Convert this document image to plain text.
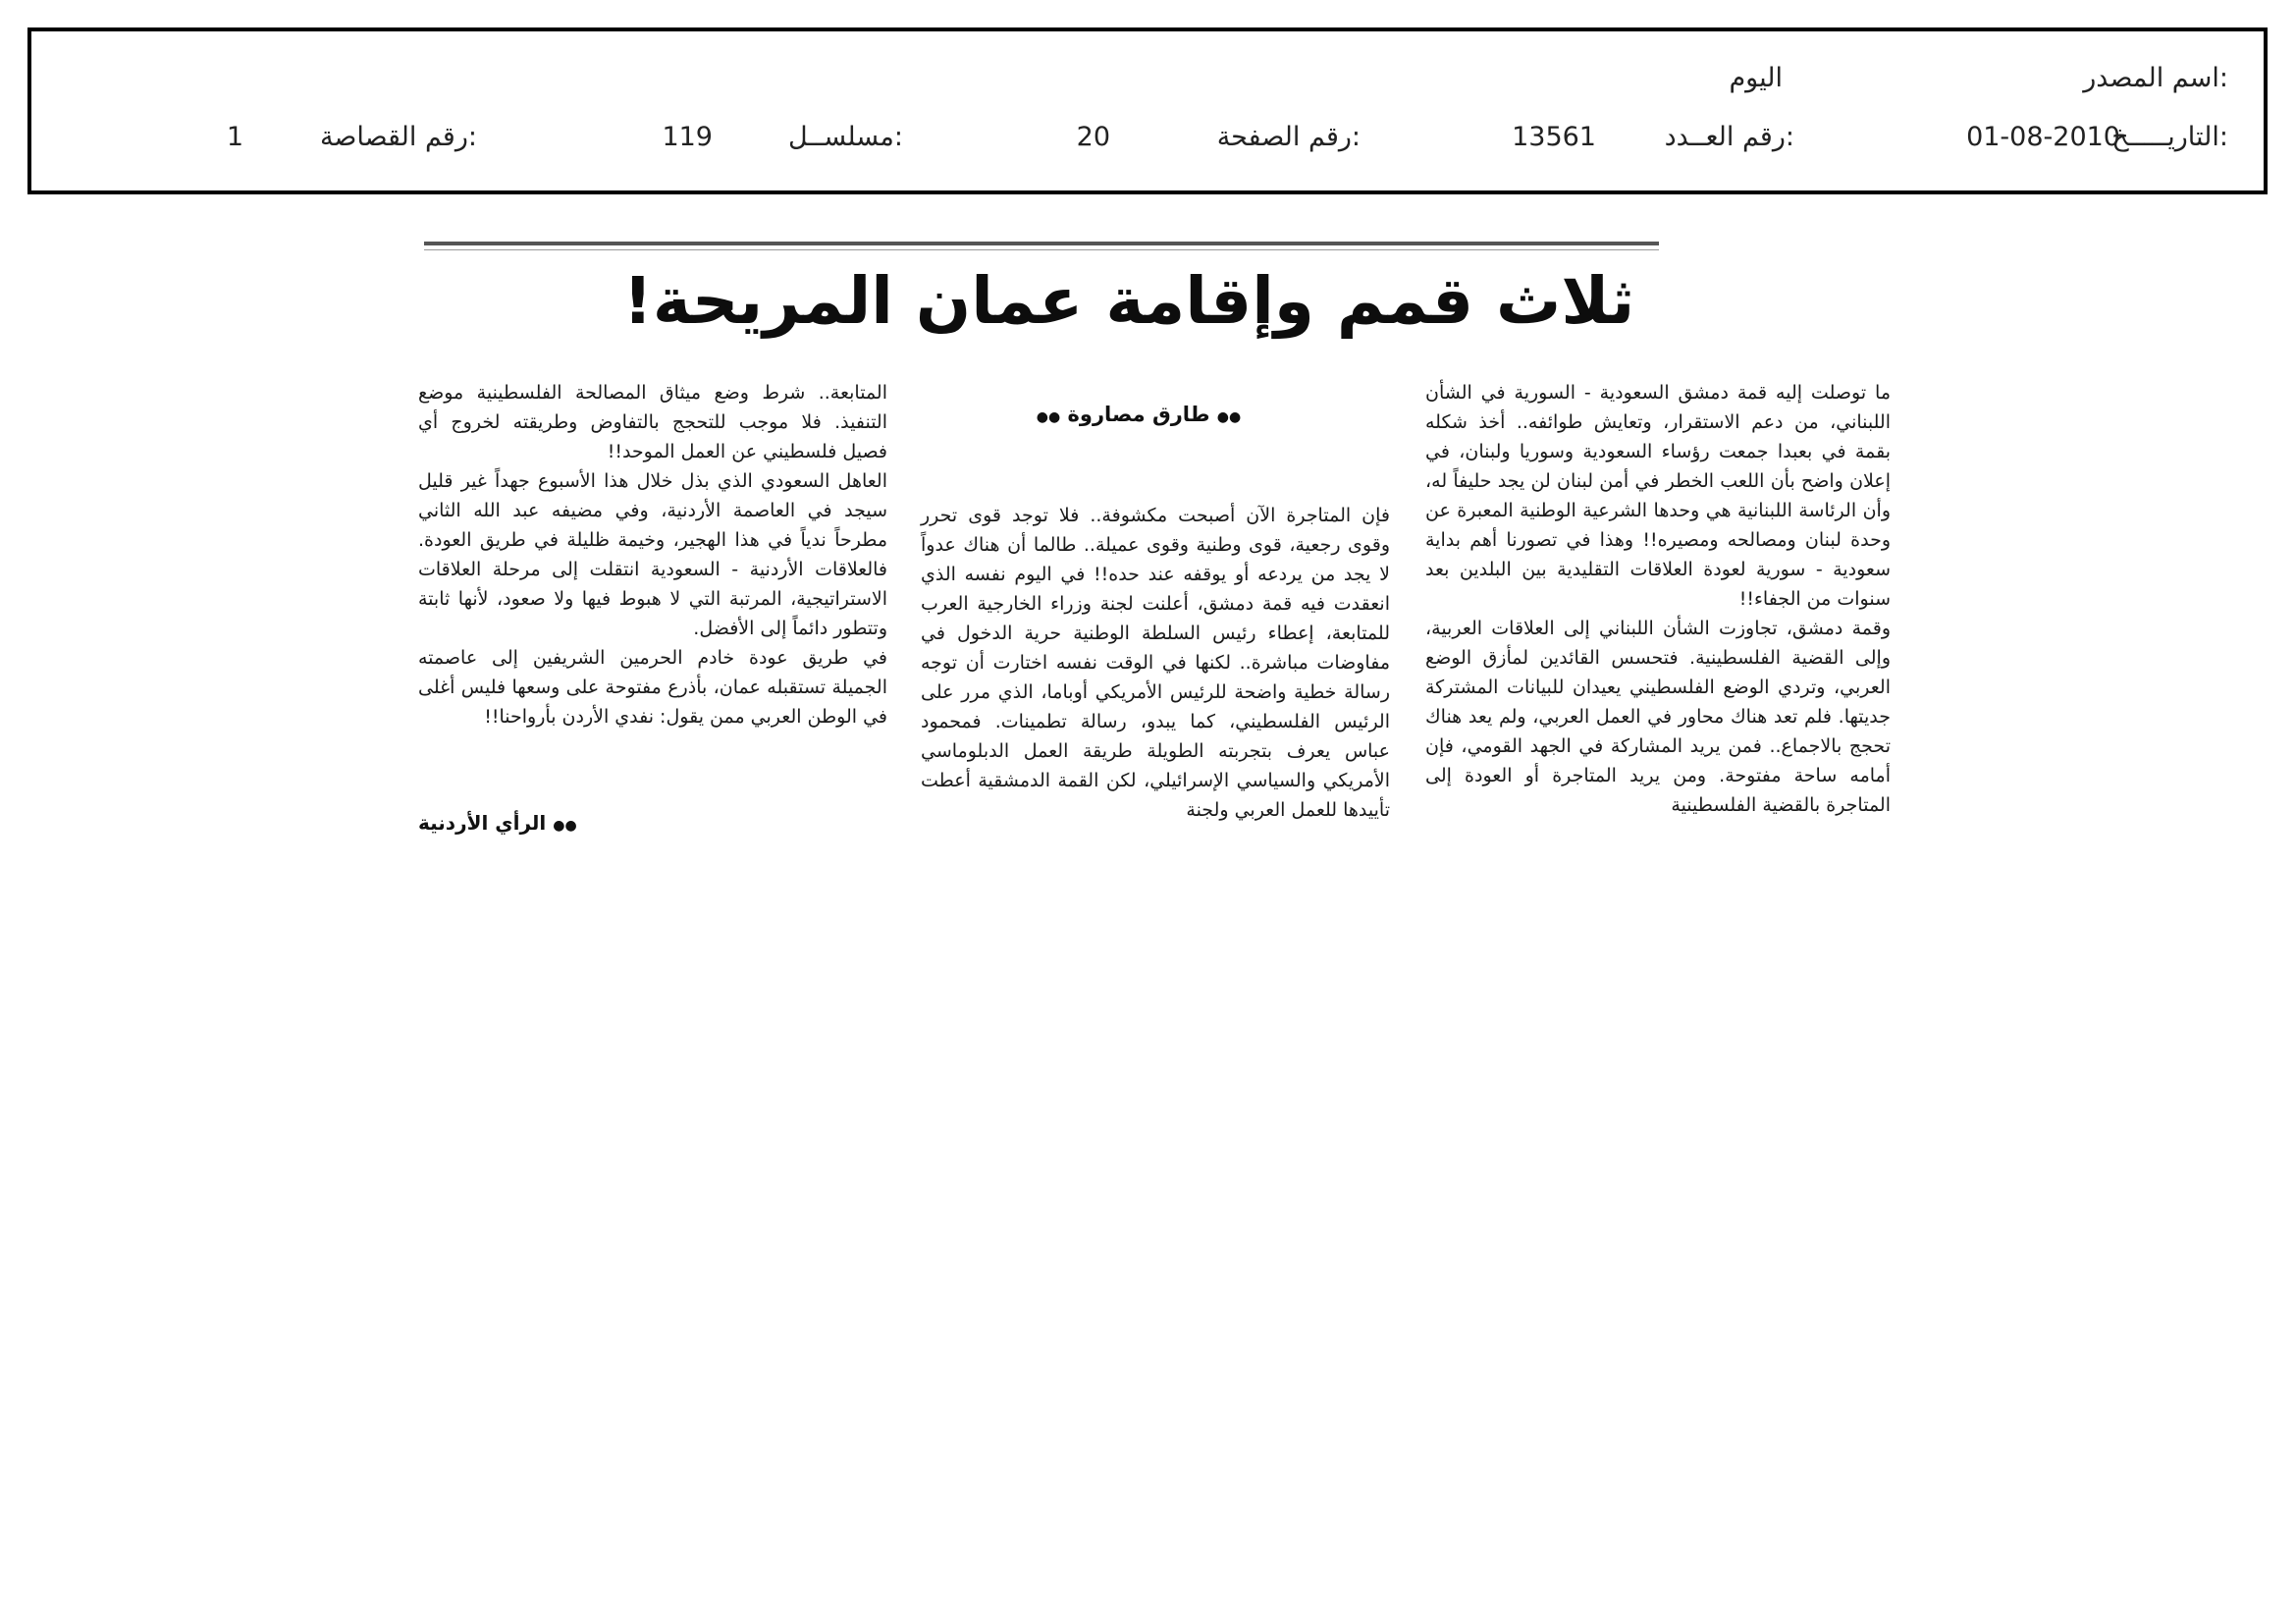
اسم المصدر:
اليوم
التاريـــــخ:
01-08-2010
رقم العــدد:
13561
رقم الصفحة:
20
مسلســل:
119
رقم القصاصة:
1
ثلاث قمم وإقامة عمان المريحة!
●● طارق مصاروة ●●

ما توصلت إليه قمة دمشق السعودية - السورية في الشأن اللبناني، من دعم الاستقرار، وتعايش طوائفه.. أخذ شكله بقمة في بعبدا جمعت رؤساء السعودية وسوريا ولبنان، في إعلان واضح بأن اللعب الخطر في أمن لبنان لن يجد حليفاً له، وأن الرئاسة اللبنانية هي وحدها الشرعية الوطنية المعبرة عن وحدة لبنان ومصالحه ومصيره!! وهذا في تصورنا أهم بداية سعودية - سورية لعودة العلاقات التقليدية بين البلدين بعد سنوات من الجفاء!!

وقمة دمشق، تجاوزت الشأن اللبناني إلى العلاقات العربية، وإلى القضية الفلسطينية. فتحسس القائدين لمأزق الوضع العربي، وتردي الوضع الفلسطيني يعيدان للبيانات المشتركة جديتها. فلم تعد هناك محاور في العمل العربي، ولم يعد هناك تحجج بالاجماع.. فمن يريد المشاركة في الجهد القومي، فإن أمامه ساحة مفتوحة. ومن يريد المتاجرة أو العودة إلى المتاجرة بالقضية الفلسطينية

فإن المتاجرة الآن أصبحت مكشوفة.. فلا توجد قوى تحرر وقوى رجعية، قوى وطنية وقوى عميلة.. طالما أن هناك عدواً لا يجد من يردعه أو يوقفه عند حده!! في اليوم نفسه الذي انعقدت فيه قمة دمشق، أعلنت لجنة وزراء الخارجية العرب للمتابعة، إعطاء رئيس السلطة الوطنية حرية الدخول في مفاوضات مباشرة.. لكنها في الوقت نفسه اختارت أن توجه رسالة خطية واضحة للرئيس الأمريكي أوباما، الذي مرر على الرئيس الفلسطيني، كما يبدو، رسالة تطمينات. فمحمود عباس يعرف بتجربته الطويلة طريقة العمل الدبلوماسي الأمريكي والسياسي الإسرائيلي، لكن القمة الدمشقية أعطت تأييدها للعمل العربي ولجنة

المتابعة.. شرط وضع ميثاق المصالحة الفلسطينية موضع التنفيذ. فلا موجب للتحجج بالتفاوض وطريقته لخروج أي فصيل فلسطيني عن العمل الموحد!!

العاهل السعودي الذي بذل خلال هذا الأسبوع جهداً غير قليل سيجد في العاصمة الأردنية، وفي مضيفه عبد الله الثاني مطرحاً ندياً في هذا الهجير، وخيمة ظليلة في طريق العودة. فالعلاقات الأردنية - السعودية انتقلت إلى مرحلة العلاقات الاستراتيجية، المرتبة التي لا هبوط فيها ولا صعود، لأنها ثابتة وتتطور دائماً إلى الأفضل.

في طريق عودة خادم الحرمين الشريفين إلى عاصمته الجميلة تستقبله عمان، بأذرع مفتوحة على وسعها فليس أغلى في الوطن العربي ممن يقول: نفدي الأردن بأرواحنا!!

●● الرأي الأردنية
